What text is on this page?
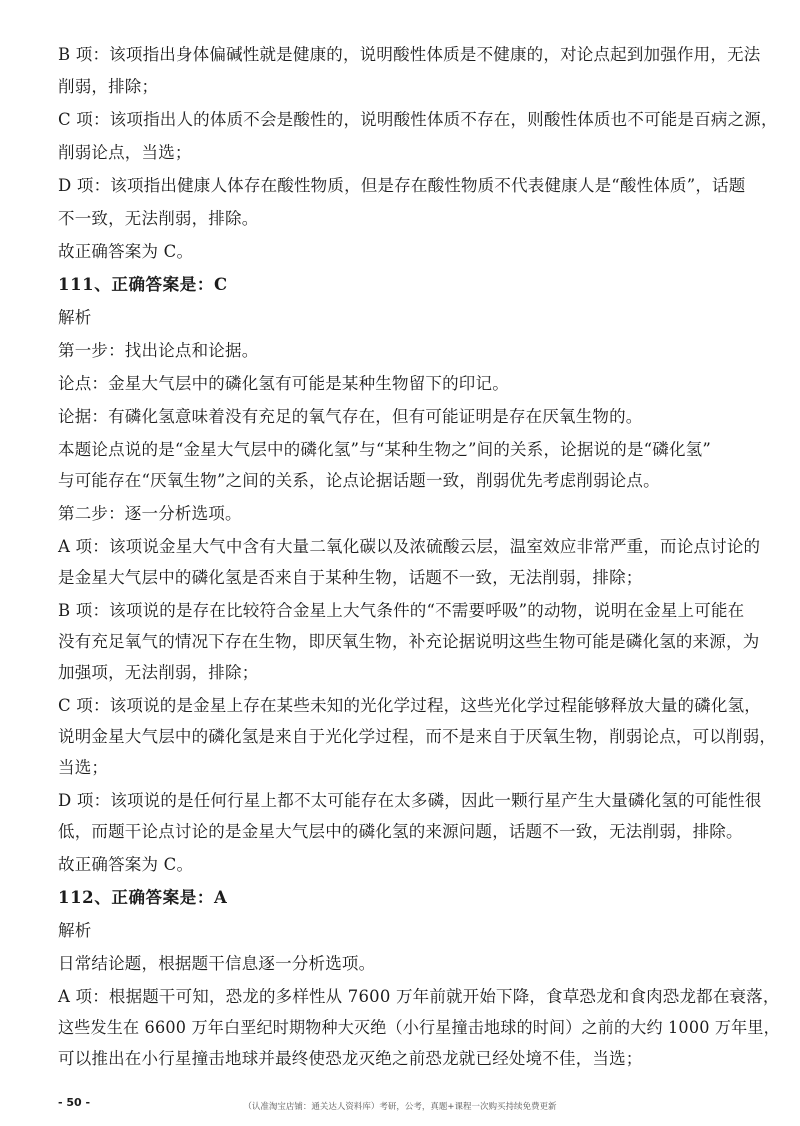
B 项：该项指出身体偏碱性就是健康的，说明酸性体质是不健康的，对论点起到加强作用，无法

削弱，排除；

C 项：该项指出人的体质不会是酸性的，说明酸性体质不存在，则酸性体质也不可能是百病之源，

削弱论点，当选；

D 项：该项指出健康人体存在酸性物质，但是存在酸性物质不代表健康人是“酸性体质”，话题

不一致，无法削弱，排除。

故正确答案为 C。

111、正确答案是：C

解析

第一步：找出论点和论据。

论点：金星大气层中的磷化氢有可能是某种生物留下的印记。

论据：有磷化氢意味着没有充足的氧气存在，但有可能证明是存在厌氧生物的。

本题论点说的是“金星大气层中的磷化氢”与“某种生物之”间的关系，论据说的是“磷化氢”

与可能存在“厌氧生物”之间的关系，论点论据话题一致，削弱优先考虑削弱论点。

第二步：逐一分析选项。

A 项：该项说金星大气中含有大量二氧化碳以及浓硫酸云层，温室效应非常严重，而论点讨论的

是金星大气层中的磷化氢是否来自于某种生物，话题不一致，无法削弱，排除；

B 项：该项说的是存在比较符合金星上大气条件的“不需要呼吸”的动物，说明在金星上可能在

没有充足氧气的情况下存在生物，即厌氧生物，补充论据说明这些生物可能是磷化氢的来源，为

加强项，无法削弱，排除；

C 项：该项说的是金星上存在某些未知的光化学过程，这些光化学过程能够释放大量的磷化氢，

说明金星大气层中的磷化氢是来自于光化学过程，而不是来自于厌氧生物，削弱论点，可以削弱，

当选；

D 项：该项说的是任何行星上都不太可能存在太多磷，因此一颗行星产生大量磷化氢的可能性很

低，而题干论点讨论的是金星大气层中的磷化氢的来源问题，话题不一致，无法削弱，排除。

故正确答案为 C。

112、正确答案是：A

解析

日常结论题，根据题干信息逐一分析选项。

A 项：根据题干可知，恐龙的多样性从 7600 万年前就开始下降，食草恐龙和食肉恐龙都在衰落，

这些发生在 6600 万年白垩纪时期物种大灭绝（小行星撞击地球的时间）之前的大约 1000 万年里，

可以推出在小行星撞击地球并最终使恐龙灭绝之前恐龙就已经处境不佳，当选；

- 50 -	（认准淘宝店铺：通关达人资料库）考研，公考，真题+课程一次购买持续免费更新
